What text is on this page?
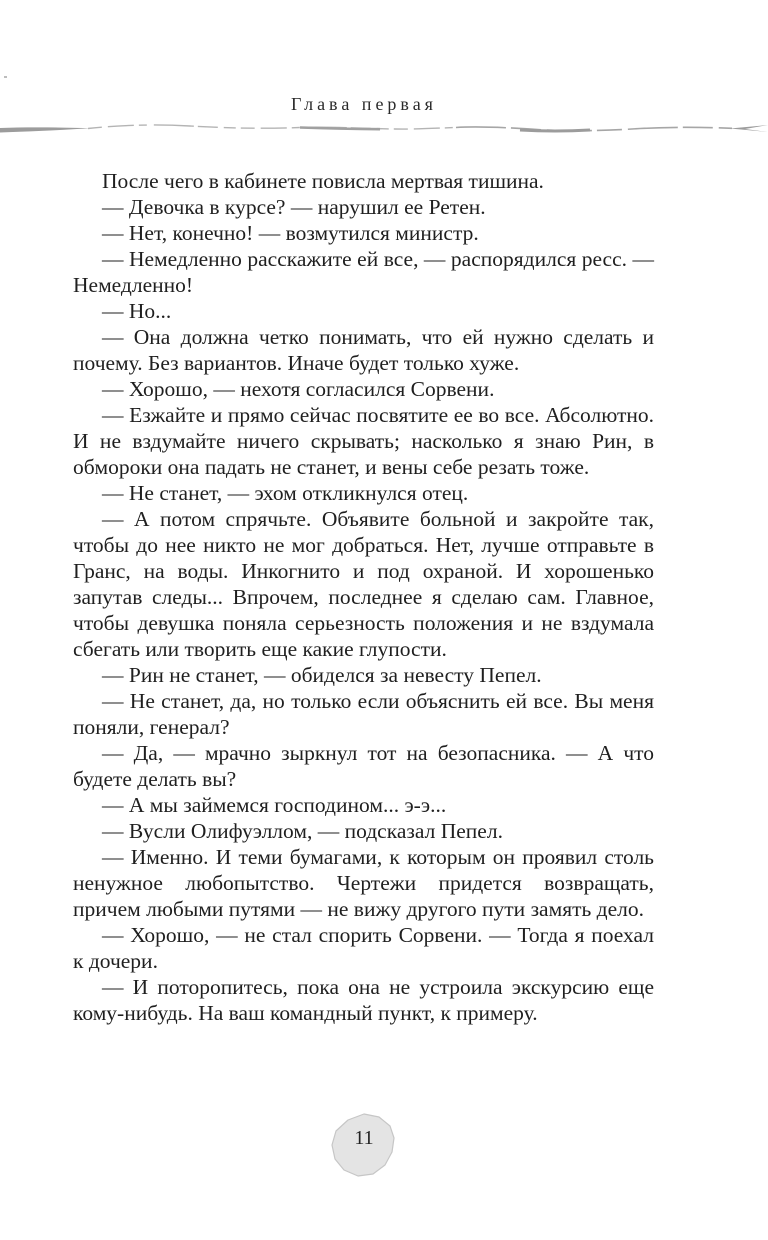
Глава первая

После чего в кабинете повисла мертвая тишина.

— Девочка в курсе? — нарушил ее Ретен.

— Нет, конечно! — возмутился министр.

— Немедленно расскажите ей все, — распорядился ресс. — Немедленно!

— Но...

— Она должна четко понимать, что ей нужно сделать и почему. Без вариантов. Иначе будет только хуже.

— Хорошо, — нехотя согласился Сорвени.

— Езжайте и прямо сейчас посвятите ее во все. Абсолютно. И не вздумайте ничего скрывать; насколько я знаю Рин, в обмороки она падать не станет, и вены себе резать тоже.

— Не станет, — эхом откликнулся отец.

— А потом спрячьте. Объявите больной и закройте так, чтобы до нее никто не мог добраться. Нет, лучше отправьте в Гранс, на воды. Инкогнито и под охраной. И хорошенько запутав следы... Впрочем, последнее я сделаю сам. Главное, чтобы девушка поняла серьезность положения и не вздумала сбегать или творить еще какие глупости.

— Рин не станет, — обиделся за невесту Пепел.

— Не станет, да, но только если объяснить ей все. Вы меня поняли, генерал?

— Да, — мрачно зыркнул тот на безопасника. — А что будете делать вы?

— А мы займемся господином... э-э...

— Вусли Олифуэллом, — подсказал Пепел.

— Именно. И теми бумагами, к которым он проявил столь ненужное любопытство. Чертежи придется возвращать, причем любыми путями — не вижу другого пути замять дело.

— Хорошо, — не стал спорить Сорвени. — Тогда я поехал к дочери.

— И поторопитесь, пока она не устроила экскурсию еще кому-нибудь. На ваш командный пункт, к примеру.

11
